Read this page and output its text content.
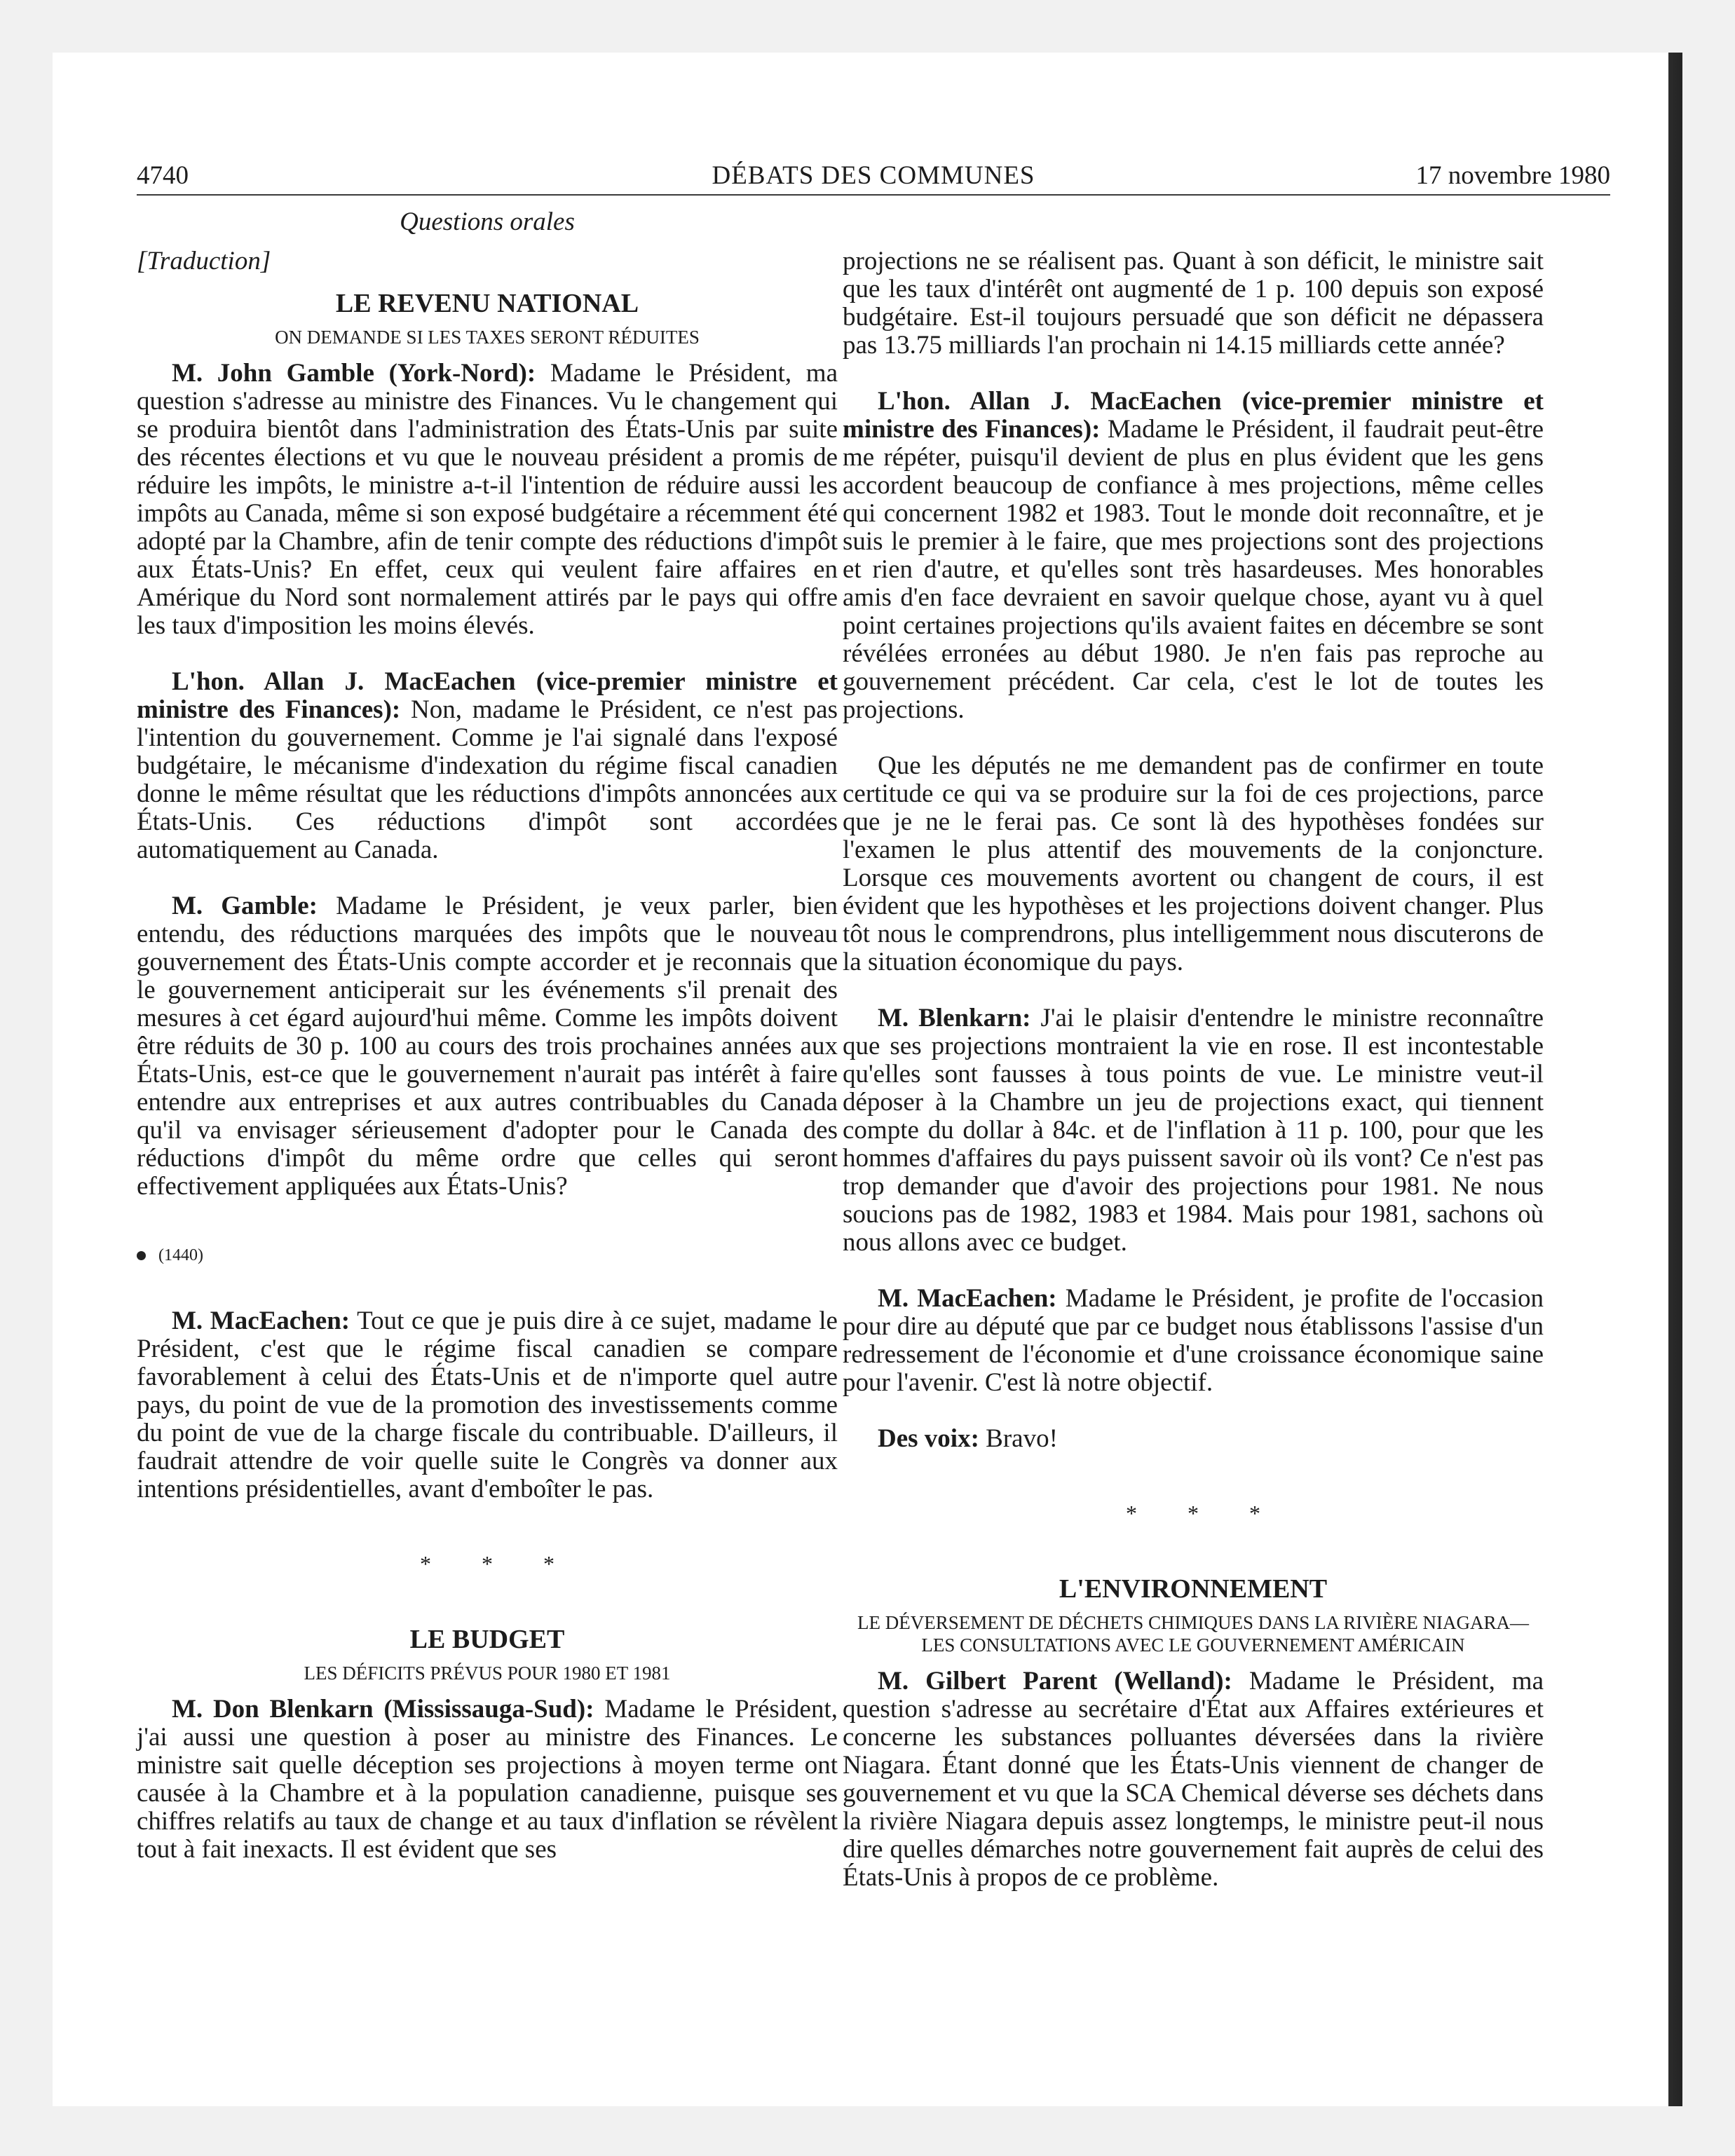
4740	DÉBATS DES COMMUNES	17 novembre 1980
Questions orales
[Traduction]
LE REVENU NATIONAL
ON DEMANDE SI LES TAXES SERONT RÉDUITES

M. John Gamble (York-Nord): Madame le Président, ma question s'adresse au ministre des Finances. Vu le changement qui se produira bientôt dans l'administration des États-Unis par suite des récentes élections et vu que le nouveau président a promis de réduire les impôts, le ministre a-t-il l'intention de réduire aussi les impôts au Canada, même si son exposé budgétaire a récemment été adopté par la Chambre, afin de tenir compte des réductions d'impôt aux États-Unis? En effet, ceux qui veulent faire affaires en Amérique du Nord sont normalement attirés par le pays qui offre les taux d'imposition les moins élevés.

L'hon. Allan J. MacEachen (vice-premier ministre et ministre des Finances): Non, madame le Président, ce n'est pas l'intention du gouvernement. Comme je l'ai signalé dans l'exposé budgétaire, le mécanisme d'indexation du régime fiscal canadien donne le même résultat que les réductions d'impôts annoncées aux États-Unis. Ces réductions d'impôt sont accordées automatiquement au Canada.

M. Gamble: Madame le Président, je veux parler, bien entendu, des réductions marquées des impôts que le nouveau gouvernement des États-Unis compte accorder et je reconnais que le gouvernement anticiperait sur les événements s'il prenait des mesures à cet égard aujourd'hui même. Comme les impôts doivent être réduits de 30 p. 100 au cours des trois prochaines années aux États-Unis, est-ce que le gouvernement n'aurait pas intérêt à faire entendre aux entreprises et aux autres contribuables du Canada qu'il va envisager sérieusement d'adopter pour le Canada des réductions d'impôt du même ordre que celles qui seront effectivement appliquées aux États-Unis?

(1440)

M. MacEachen: Tout ce que je puis dire à ce sujet, madame le Président, c'est que le régime fiscal canadien se compare favorablement à celui des États-Unis et de n'importe quel autre pays, du point de vue de la promotion des investissements comme du point de vue de la charge fiscale du contribuable. D'ailleurs, il faudrait attendre de voir quelle suite le Congrès va donner aux intentions présidentielles, avant d'emboîter le pas.

* * *
LE BUDGET
LES DÉFICITS PRÉVUS POUR 1980 ET 1981

M. Don Blenkarn (Mississauga-Sud): Madame le Président, j'ai aussi une question à poser au ministre des Finances. Le ministre sait quelle déception ses projections à moyen terme ont causée à la Chambre et à la population canadienne, puisque ses chiffres relatifs au taux de change et au taux d'inflation se révèlent tout à fait inexacts. Il est évident que ses

projections ne se réalisent pas. Quant à son déficit, le ministre sait que les taux d'intérêt ont augmenté de 1 p. 100 depuis son exposé budgétaire. Est-il toujours persuadé que son déficit ne dépassera pas 13.75 milliards l'an prochain ni 14.15 milliards cette année?

L'hon. Allan J. MacEachen (vice-premier ministre et ministre des Finances): Madame le Président, il faudrait peut-être me répéter, puisqu'il devient de plus en plus évident que les gens accordent beaucoup de confiance à mes projections, même celles qui concernent 1982 et 1983. Tout le monde doit reconnaître, et je suis le premier à le faire, que mes projections sont des projections et rien d'autre, et qu'elles sont très hasardeuses. Mes honorables amis d'en face devraient en savoir quelque chose, ayant vu à quel point certaines projections qu'ils avaient faites en décembre se sont révélées erronées au début 1980. Je n'en fais pas reproche au gouvernement précédent. Car cela, c'est le lot de toutes les projections.

Que les députés ne me demandent pas de confirmer en toute certitude ce qui va se produire sur la foi de ces projections, parce que je ne le ferai pas. Ce sont là des hypothèses fondées sur l'examen le plus attentif des mouvements de la conjoncture. Lorsque ces mouvements avortent ou changent de cours, il est évident que les hypothèses et les projections doivent changer. Plus tôt nous le comprendrons, plus intelligemment nous discuterons de la situation économique du pays.

M. Blenkarn: J'ai le plaisir d'entendre le ministre reconnaître que ses projections montraient la vie en rose. Il est incontestable qu'elles sont fausses à tous points de vue. Le ministre veut-il déposer à la Chambre un jeu de projections exact, qui tiennent compte du dollar à 84c. et de l'inflation à 11 p. 100, pour que les hommes d'affaires du pays puissent savoir où ils vont? Ce n'est pas trop demander que d'avoir des projections pour 1981. Ne nous soucions pas de 1982, 1983 et 1984. Mais pour 1981, sachons où nous allons avec ce budget.

M. MacEachen: Madame le Président, je profite de l'occasion pour dire au député que par ce budget nous établissons l'assise d'un redressement de l'économie et d'une croissance économique saine pour l'avenir. C'est là notre objectif.

Des voix: Bravo!

* * *
L'ENVIRONNEMENT
LE DÉVERSEMENT DE DÉCHETS CHIMIQUES DANS LA RIVIÈRE NIAGARA—LES CONSULTATIONS AVEC LE GOUVERNEMENT AMÉRICAIN

M. Gilbert Parent (Welland): Madame le Président, ma question s'adresse au secrétaire d'État aux Affaires extérieures et concerne les substances polluantes déversées dans la rivière Niagara. Étant donné que les États-Unis viennent de changer de gouvernement et vu que la SCA Chemical déverse ses déchets dans la rivière Niagara depuis assez longtemps, le ministre peut-il nous dire quelles démarches notre gouvernement fait auprès de celui des États-Unis à propos de ce problème.
